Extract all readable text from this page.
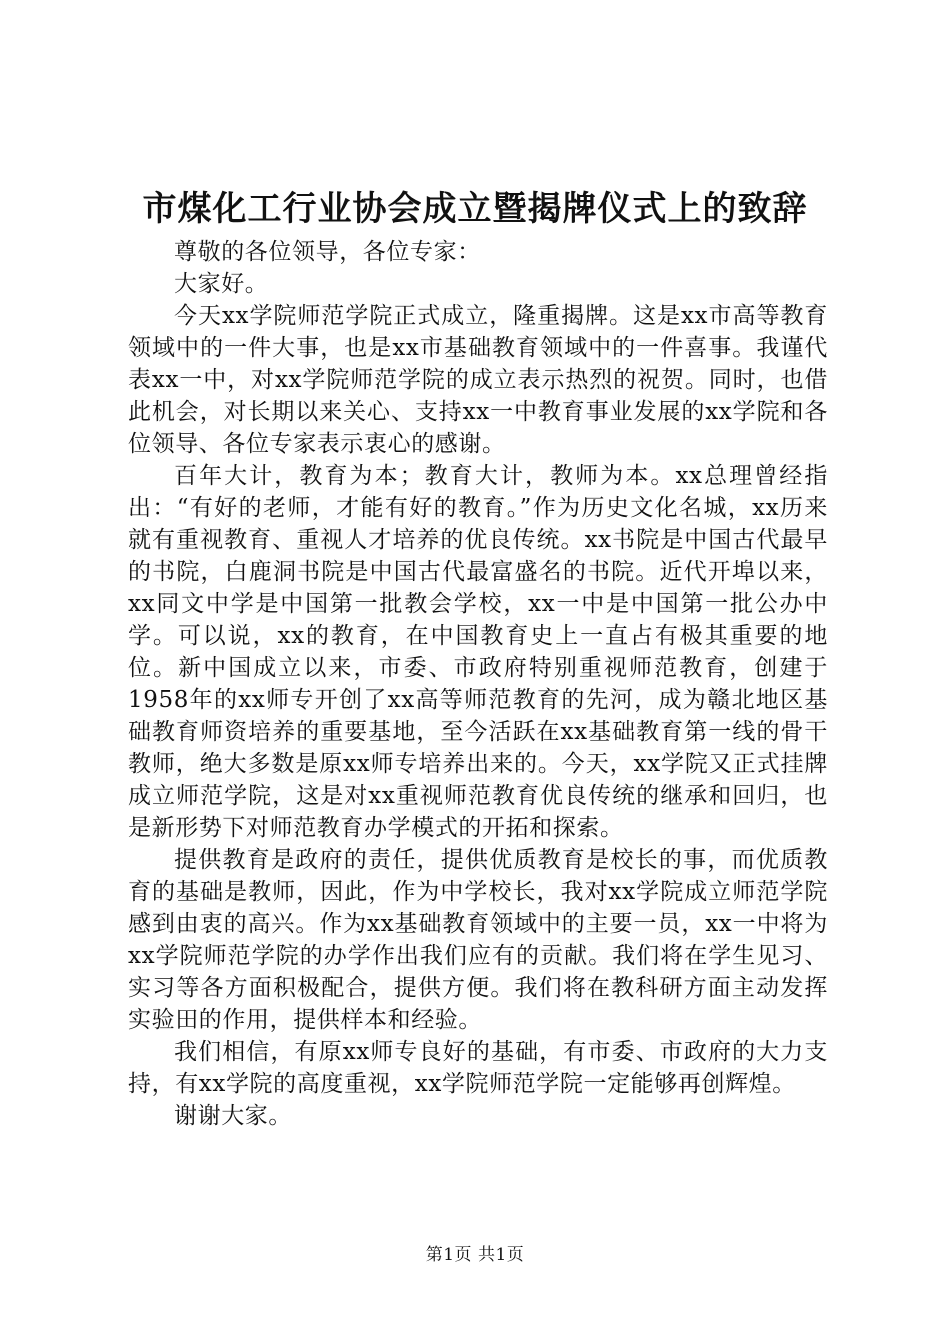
市煤化工行业协会成立暨揭牌仪式上的致辞

尊敬的各位领导，各位专家：

大家好。

今天xx学院师范学院正式成立，隆重揭牌。这是xx市高等教育领域中的一件大事，也是xx市基础教育领域中的一件喜事。我谨代表xx一中，对xx学院师范学院的成立表示热烈的祝贺。同时，也借此机会，对长期以来关心、支持xx一中教育事业发展的xx学院和各位领导、各位专家表示衷心的感谢。

百年大计，教育为本；教育大计，教师为本。xx总理曾经指出：“有好的老师，才能有好的教育。”作为历史文化名城，xx历来就有重视教育、重视人才培养的优良传统。xx书院是中国古代最早的书院，白鹿洞书院是中国古代最富盛名的书院。近代开埠以来，xx同文中学是中国第一批教会学校，xx一中是中国第一批公办中学。可以说，xx的教育，在中国教育史上一直占有极其重要的地位。新中国成立以来，市委、市政府特别重视师范教育，创建于1958年的xx师专开创了xx高等师范教育的先河，成为赣北地区基础教育师资培养的重要基地，至今活跃在xx基础教育第一线的骨干教师，绝大多数是原xx师专培养出来的。今天，xx学院又正式挂牌成立师范学院，这是对xx重视师范教育优良传统的继承和回归，也是新形势下对师范教育办学模式的开拓和探索。

提供教育是政府的责任，提供优质教育是校长的事，而优质教育的基础是教师，因此，作为中学校长，我对xx学院成立师范学院感到由衷的高兴。作为xx基础教育领域中的主要一员，xx一中将为xx学院师范学院的办学作出我们应有的贡献。我们将在学生见习、实习等各方面积极配合，提供方便。我们将在教科研方面主动发挥实验田的作用，提供样本和经验。

我们相信，有原xx师专良好的基础，有市委、市政府的大力支持，有xx学院的高度重视，xx学院师范学院一定能够再创辉煌。

谢谢大家。

第1页 共1页
